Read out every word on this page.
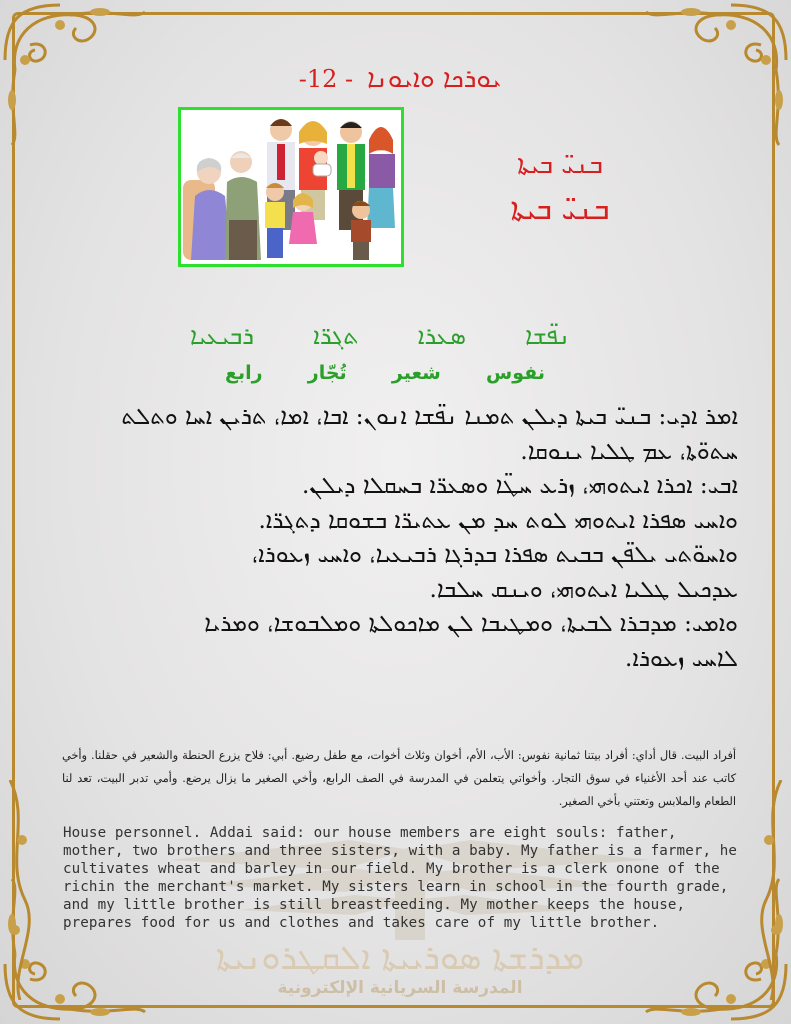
-12 - ܝܘܪܟܐ ܘܐܝܘܢܐ
ܒܢܝ̈ ܒܝܬܐ
ܒܢܝ̈ ܒܝܬܐ
ܢܦ̈ܫܐ
ܣܥܪܐ
ܬܓܪ̈ܐ
ܪܒܝܥܝܐ
نفوس
شعير
تُجّار
رابع

ܐܡܪ ܐܕܝ: ܒܢܝ̈ ܒܝܬܐ ܕܝܠܢ ܬܡܢܐ ܢܦ̈ܫܐ ܐܢܘܢ: ܐܒܐ، ܐܡܐ، ܬܪܝܢ ܐܚܐ ܘܬܠܬ

ܚܬܘ̈ܬܐ، ܥܡ ܛܠܝܐ ܝܢܘܩܐ.

ܐܒܝ: ܐܟܪܐ ܐܝܬܘܗܝ، ܙܪܥ ܚܛ̈ܐ ܘܣܥܪ̈ܐ ܒܚܩܠܐ ܕܝܠܢ.

ܘܐܚܝ ܣܦܪܐ ܐܝܬܘܗܝ ܠܘܬ ܚܕ ܡܢ ܥܬܝܪ̈ܐ ܒܫܘܩܐ ܕܬܓܪ̈ܐ.

ܘܐܚܘ̈ܬܝ ܝܠܦ̈ܢ ܒܒܝܬ ܣܦܪܐ ܒܕܪܓܐ ܪܒܝܥܝܐ، ܘܐܚܝ ܙܥܘܪܐ،

ܥܕܟܝܠ ܛܠܝܐ ܐܝܬܘܗܝ، ܘܝܢܩ ܚܠܒܐ.

ܘܐܡܝ: ܡܕܒܪܐ ܠܒܝܬܐ، ܘܡܛܝܒܐ ܠܢ ܡܐܟܘܠܬܐ ܘܡܠܒܘܫܐ، ܘܡܪܝܐ

ܠܐܚܝ ܙܥܘܪܐ.

أفراد البيت. قال أداي: أفراد بيتنا ثمانية نفوس: الأب، الأم، أخوان وثلاث أخوات، مع طفل رضيع. أبي: فلاح يزرع الحنطة والشعير في حقلنا. وأخي كاتب عند أحد الأغنياء في سوق التجار. وأخواتي يتعلمن في المدرسة في الصف الرابع، وأخي الصغير ما يزال يرضع. وأمي تدبر البيت، تعد لنا الطعام والملابس وتعتني بأخي الصغير.
House personnel. Addai said: our house members are eight souls: father, mother, two brothers and three sisters, with a baby. My father is a farmer, he cultivates wheat and barley in our field. My brother is a clerk onone of the richin the merchant's market. My sisters learn in school in the fourth grade, and my little brother is still breastfeeding. My mother keeps the house, prepares food for us and clothes and takes care of my little brother.
ܡܕܪܫܬܐ ܣܘܪܝܝܬܐ ܐܠܩܛܪܘܢܝܬܐ
المدرسة السريانية الإلكترونية
